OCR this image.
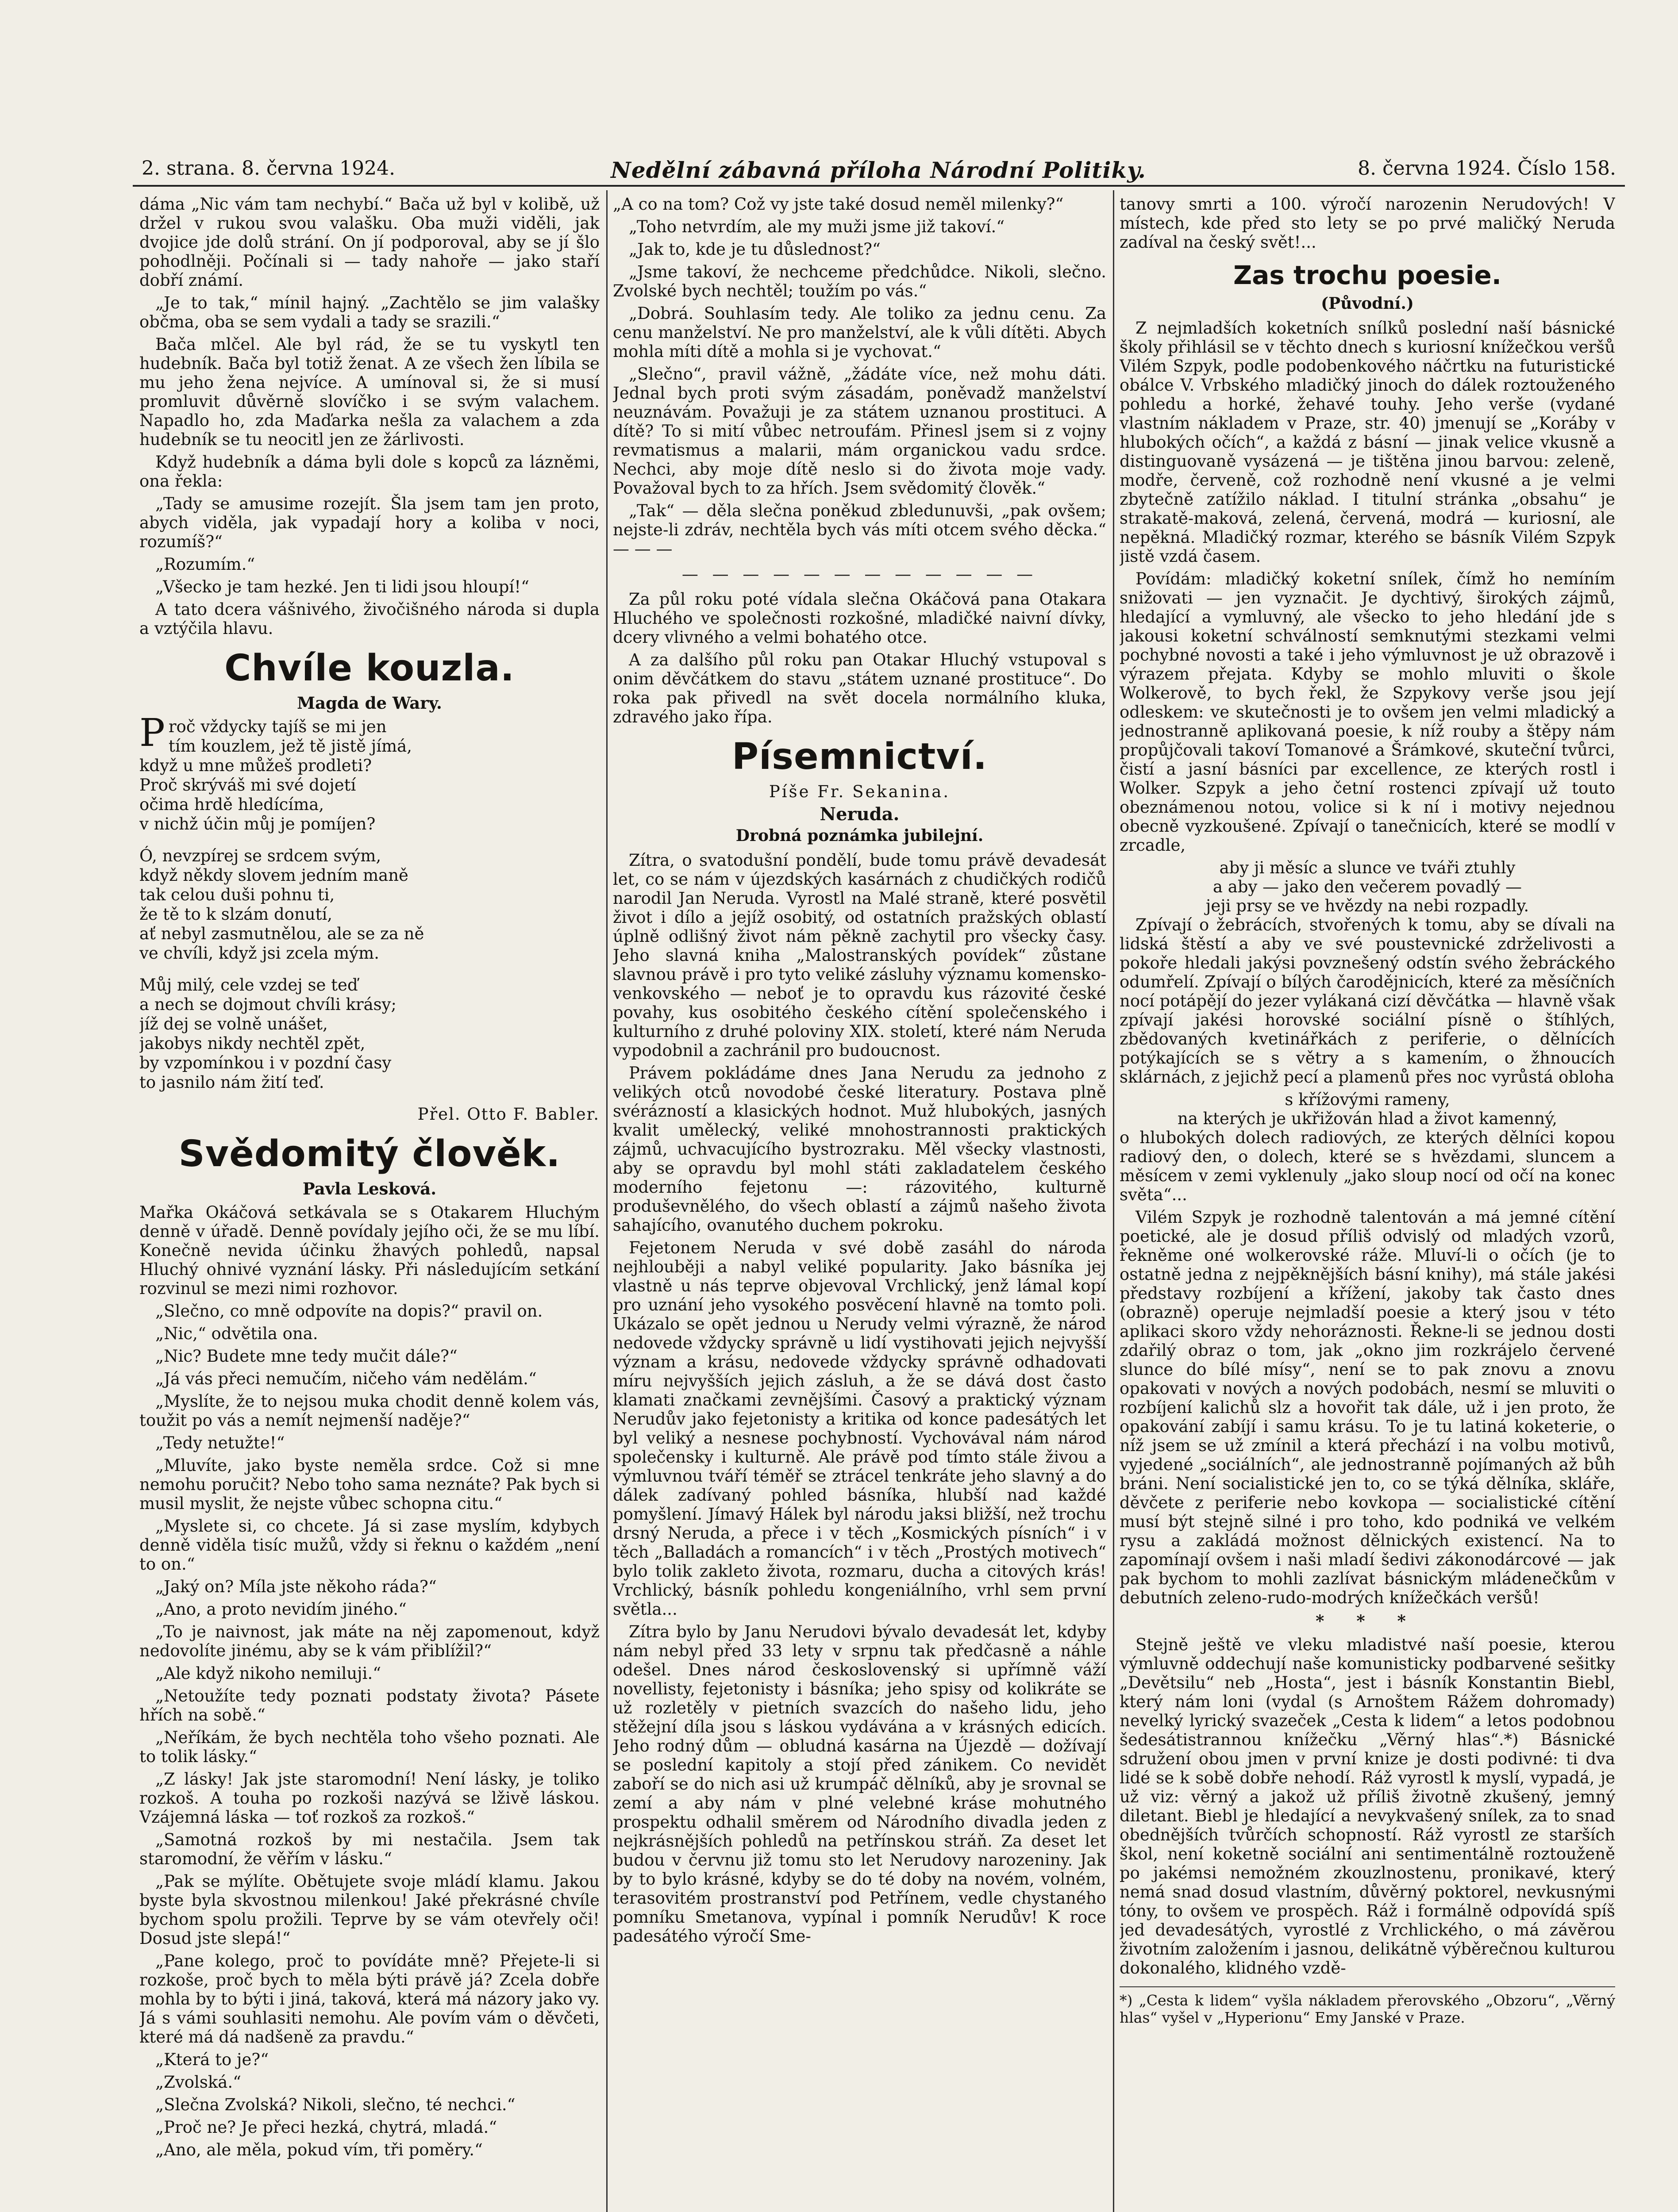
2. strana. 8. června 1924.	Nedělní zábavná příloha Národní Politiky.	8. června 1924. Číslo 158.

dáma „Nic vám tam nechybí.“ Bača už byl v kolibě, už držel v rukou svou valašku. Oba muži viděli, jak dvojice jde dolů strání. On jí podporoval, aby se jí šlo pohodlněji. Počínali si — tady nahoře — jako staří dobří známí.

„Je to tak,“ mínil hajný. „Zachtělo se jim valašky občma, oba se sem vydali a tady se srazili.“

Bača mlčel. Ale byl rád, že se tu vyskytl ten hudebník. Bača byl totiž ženat. A ze všech žen líbila se mu jeho žena nejvíce. A umínoval si, že si musí promluvit důvěrně slovíčko i se svým valachem. Napadlo ho, zda Maďarka nešla za valachem a zda hudebník se tu neocitl jen ze žárlivosti.

Když hudebník a dáma byli dole s kopců za lázněmi, ona řekla:

„Tady se amusime rozejít. Šla jsem tam jen proto, abych viděla, jak vypadají hory a koliba v noci, rozumíš?“

„Rozumím.“

„Všecko je tam hezké. Jen ti lidi jsou hloupí!“

A tato dcera vášnivého, živočišného národa si dupla a vztýčila hlavu.

Chvíle kouzla.
Magda de Wary.

Proč vždycky tajíš se mi jen

tím kouzlem, jež tě jistě jímá,

když u mne můžeš prodleti?

Proč skrýváš mi své dojetí

očima hrdě hledícíma,

v nichž účin můj je pomíjen?

Ó, nevzpírej se srdcem svým,

když někdy slovem jedním maně

tak celou duši pohnu ti,

že tě to k slzám donutí,

ať nebyl zasmutnělou, ale se za ně

ve chvíli, když jsi zcela mým.

Můj milý, cele vzdej se teď

a nech se dojmout chvíli krásy;

jíž dej se volně unášet,

jakobys nikdy nechtěl zpět,

by vzpomínkou i v pozdní časy

to jasnilo nám žití teď.

Přel. Otto F. Babler.
Svědomitý člověk.
Pavla Lesková.

Mařka Okáčová setkávala se s Otakarem Hluchým denně v úřadě. Denně povídaly jejího oči, že se mu líbí. Konečně nevida účinku žhavých pohledů, napsal Hluchý ohnivé vyznání lásky. Při následujícím setkání rozvinul se mezi nimi rozhovor.

„Slečno, co mně odpovíte na dopis?“ pravil on.

„Nic,“ odvětila ona.

„Nic? Budete mne tedy mučit dále?“

„Já vás přeci nemučím, ničeho vám nedělám.“

„Myslíte, že to nejsou muka chodit denně kolem vás, toužit po vás a nemít nejmenší naděje?“

„Tedy netužte!“

„Mluvíte, jako byste neměla srdce. Což si mne nemohu poručit? Nebo toho sama neznáte? Pak bych si musil myslit, že nejste vůbec schopna citu.“

„Myslete si, co chcete. Já si zase myslím, kdybych denně viděla tisíc mužů, vždy si řeknu o každém „není to on.“

„Jaký on? Míla jste někoho ráda?“

„Ano, a proto nevidím jiného.“

„To je naivnost, jak máte na něj zapomenout, když nedovolíte jinému, aby se k vám přiblížil?“

„Ale když nikoho nemiluji.“

„Netoužíte tedy poznati podstaty života? Pásete hřích na sobě.“

„Neříkám, že bych nechtěla toho všeho poznati. Ale to tolik lásky.“

„Z lásky! Jak jste staromodní! Není lásky, je toliko rozkoš. A touha po rozkoši nazývá se lživě láskou. Vzájemná láska — toť rozkoš za rozkoš.“

„Samotná rozkoš by mi nestačila. Jsem tak staromodní, že věřím v lásku.“

„Pak se mýlíte. Obětujete svoje mládí klamu. Jakou byste byla skvostnou milenkou! Jaké překrásné chvíle bychom spolu prožili. Teprve by se vám otevřely oči! Dosud jste slepá!“

„Pane kolego, proč to povídáte mně? Přejete-li si rozkoše, proč bych to měla býti právě já? Zcela dobře mohla by to býti i jiná, taková, která má názory jako vy. Já s vámi souhlasiti nemohu. Ale povím vám o děvčeti, které má dá nadšeně za pravdu.“

„Která to je?“

„Zvolská.“

„Slečna Zvolská? Nikoli, slečno, té nechci.“

„Proč ne? Je přeci hezká, chytrá, mladá.“

„Ano, ale měla, pokud vím, tři poměry.“

„A co na tom? Což vy jste také dosud neměl milenky?“

„Toho netvrdím, ale my muži jsme již takoví.“

„Jak to, kde je tu důslednost?“

„Jsme takoví, že nechceme předchůdce. Nikoli, slečno. Zvolské bych nechtěl; toužím po vás.“

„Dobrá. Souhlasím tedy. Ale toliko za jednu cenu. Za cenu manželství. Ne pro manželství, ale k vůli dítěti. Abych mohla míti dítě a mohla si je vychovat.“

„Slečno“, pravil vážně, „žádáte více, než mohu dáti. Jednal bych proti svým zásadám, poněvadž manželství neuznávám. Považuji je za státem uznanou prostituci. A dítě? To si mití vůbec netroufám. Přinesl jsem si z vojny revmatismus a malarii, mám organickou vadu srdce. Nechci, aby moje dítě neslo si do života moje vady. Považoval bych to za hřích. Jsem svědomitý člověk.“

„Tak“ — děla slečna poněkud zbledunuvši, „pak ovšem; nejste-li zdráv, nechtěla bych vás míti otcem svého děcka.“ — — —

— — — — — — — — — — — —

Za půl roku poté vídala slečna Okáčová pana Otakara Hluchého ve společnosti rozkošné, mladičké naivní dívky, dcery vlivného a velmi bohatého otce.

A za dalšího půl roku pan Otakar Hluchý vstupoval s onim děvčátkem do stavu „státem uznané prostituce“. Do roka pak přivedl na svět docela normálního kluka, zdravého jako řípa.

Písemnictví.
Píše Fr. Sekanina.
Neruda.
Drobná poznámka jubilejní.

Zítra, o svatodušní pondělí, bude tomu právě devadesát let, co se nám v újezdských kasárnách z chudičkých rodičů narodil Jan Neruda. Vyrostl na Malé straně, které posvětil život i dílo a jejíž osobitý, od ostatních pražských oblastí úplně odlišný život nám pěkně zachytil pro všecky časy. Jeho slavná kniha „Malostranských povídek“ zůstane slavnou právě i pro tyto veliké zásluhy významu komensko-venkovského — neboť je to opravdu kus rázovité české povahy, kus osobitého českého cítění společenského i kulturního z druhé poloviny XIX. století, které nám Neruda vypodobnil a zachránil pro budoucnost.

Právem pokládáme dnes Jana Nerudu za jednoho z velikých otců novodobé české literatury. Postava plně svérázností a klasických hodnot. Muž hlubokých, jasných kvalit umělecký, veliké mnohostrannosti praktických zájmů, uchvacujícího bystrozraku. Měl všecky vlastnosti, aby se opravdu byl mohl státi zakladatelem českého moderního fejetonu —: rázovitého, kulturně produševnělého, do všech oblastí a zájmů našeho života sahajícího, ovanutého duchem pokroku.

Fejetonem Neruda v své době zasáhl do národa nejhlouběji a nabyl veliké popularity. Jako básníka jej vlastně u nás teprve objevoval Vrchlický, jenž lámal kopí pro uznání jeho vysokého posvěcení hlavně na tomto poli. Ukázalo se opět jednou u Nerudy velmi výrazně, že národ nedovede vždycky správně u lidí vystihovati jejich nejvyšší význam a krásu, nedovede vždycky správně odhadovati míru nejvyšších jejich zásluh, a že se dává dost často klamati značkami zevnějšími. Časový a praktický význam Nerudův jako fejetonisty a kritika od konce padesátých let byl veliký a nesnese pochybností. Vychovával nám národ společensky i kulturně. Ale právě pod tímto stále živou a výmluvnou tváří téměř se ztrácel tenkráte jeho slavný a do dálek zadívaný pohled básníka, hlubší nad každé pomyšlení. Jímavý Hálek byl národu jaksi bližší, než trochu drsný Neruda, a přece i v těch „Kosmických písních“ i v těch „Balladách a romancích“ i v těch „Prostých motivech“ bylo tolik zakleto života, rozmaru, ducha a citových krás! Vrchlický, básník pohledu kongeniálního, vrhl sem první světla...

Zítra bylo by Janu Nerudovi bývalo devadesát let, kdyby nám nebyl před 33 lety v srpnu tak předčasně a náhle odešel. Dnes národ československý si upřímně váží novellisty, fejetonisty i básníka; jeho spisy od kolikráte se už rozletěly v pietních svazcích do našeho lidu, jeho stěžejní díla jsou s láskou vydávána a v krásných edicích. Jeho rodný dům — obludná kasárna na Újezdě — dožívají se poslední kapitoly a stojí před zánikem. Co nevidět zaboří se do nich asi už krumpáč dělníků, aby je srovnal se zemí a aby nám v plné velebné kráse mohutného prospektu odhalil směrem od Národního divadla jeden z nejkrásnějších pohledů na petřínskou stráň. Za deset let budou v červnu již tomu sto let Nerudovy narozeniny. Jak by to bylo krásné, kdyby se do té doby na novém, volném, terasovitém prostranství pod Petřínem, vedle chystaného pomníku Smetanova, vypínal i pomník Nerudův! K roce padesátého výročí Sme-

tanovy smrti a 100. výročí narozenin Nerudových! V místech, kde před sto lety se po prvé maličký Neruda zadíval na český svět!...

Zas trochu poesie.
(Původní.)

Z nejmladších koketních snílků poslední naší básnické školy přihlásil se v těchto dnech s kuriosní knížečkou veršů Vilém Szpyk, podle podobenkového náčrtku na futuristické obálce V. Vrbského mladičký jinoch do dálek roztouženého pohledu a horké, žehavé touhy. Jeho verše (vydané vlastním nákladem v Praze, str. 40) jmenují se „Koráby v hlubokých očích“, a každá z básní — jinak velice vkusně a distinguovaně vysázená — je tištěna jinou barvou: zeleně, modře, červeně, což rozhodně není vkusné a je velmi zbytečně zatížilo náklad. I titulní stránka „obsahu“ je strakatě-maková, zelená, červená, modrá — kuriosní, ale nepěkná. Mladičký rozmar, kterého se básník Vilém Szpyk jistě vzdá časem.

Povídám: mladičký koketní snílek, čímž ho nemíním snižovati — jen vyznačit. Je dychtivý, širokých zájmů, hledající a vymluvný, ale všecko to jeho hledání jde s jakousi koketní schválností semknutými stezkami velmi pochybné novosti a také i jeho výmluvnost je už obrazově i výrazem přejata. Kdyby se mohlo mluviti o škole Wolkerově, to bych řekl, že Szpykovy verše jsou její odleskem: ve skutečnosti je to ovšem jen velmi mladický a jednostranně aplikovaná poesie, k níž rouby a štěpy nám propůjčovali takoví Tomanové a Šrámkové, skuteční tvůrci, čistí a jasní básníci par excellence, ze kterých rostl i Wolker. Szpyk a jeho četní rostenci zpívají už touto obeznámenou notou, volice si k ní i motivy nejednou obecně vyzkoušené. Zpívají o tanečnicích, které se modlí v zrcadle,

aby ji měsíc a slunce ve tváři ztuhly

a aby — jako den večerem povadlý —

jeji prsy se ve hvězdy na nebi rozpadly.

Zpívají o žebrácích, stvořených k tomu, aby se dívali na lidská štěstí a aby ve své poustevnické zdrželivosti a pokoře hledali jakýsi povznešený odstín svého žebráckého odumřelí. Zpívají o bílých čarodějnicích, které za měsíčních nocí potápějí do jezer vylákaná cizí děvčátka — hlavně však zpívají jakési horovské sociální písně o štíhlých, zbědovaných kvetinářkách z periferie, o dělnících potýkajících se s větry a s kamením, o žhnoucích sklárnách, z jejichž pecí a plamenů přes noc vyrůstá obloha

s křížovými rameny,

na kterých je ukřižován hlad a život kamenný,

o hlubokých dolech radiových, ze kterých dělníci kopou radiový den, o dolech, které se s hvězdami, sluncem a měsícem v zemi vyklenuly „jako sloup nocí od očí na konec světa“...

Vilém Szpyk je rozhodně talentován a má jemné cítění poetické, ale je dosud příliš odvislý od mladých vzorů, řekněme oné wolkerovské ráže. Mluví-li o očích (je to ostatně jedna z nejpěknějších básní knihy), má stále jakési představy rozbíjení a křížení, jakoby tak často dnes (obrazně) operuje nejmladší poesie a který jsou v této aplikaci skoro vždy nehoráznosti. Řekne-li se jednou dosti zdařilý obraz o tom, jak „okno jim rozkrájelo červené slunce do bílé mísy“, není se to pak znovu a znovu opakovati v nových a nových podobách, nesmí se mluviti o rozbíjení kalichů slz a hovořit tak dále, už i jen proto, že opakování zabíjí i samu krásu. To je tu latiná koketerie, o níž jsem se už zmínil a která přechází i na volbu motivů, vyjedené „sociálních“, ale jednostranně pojímaných až bůh bráni. Není socialistické jen to, co se týká dělníka, skláře, děvčete z periferie nebo kovkopa — socialistické cítění musí být stejně silné i pro toho, kdo podniká ve velkém rysu a zakládá možnost dělnických existencí. Na to zapomínají ovšem i naši mladí šedivi zákonodárcové — jak pak bychom to mohli zazlívat básnickým mládenečkům v debutních zeleno-rudo-modrých knížečkách veršů!

* * *

Stejně ještě ve vleku mladistvé naší poesie, kterou výmluvně oddechují naše komunisticky podbarvené sešitky „Devětsilu“ neb „Hosta“, jest i básník Konstantin Biebl, který nám loni (vydal (s Arnoštem Rážem dohromady) nevelký lyrický svazeček „Cesta k lidem“ a letos podobnou šedesátistrannou knížečku „Věrný hlas“.*) Básnické sdružení obou jmen v první knize je dosti podivné: ti dva lidé se k sobě dobře nehodí. Ráž vyrostl k myslí, vypadá, je už viz: věrný a jakož už příliš životně zkušený, jemný diletant. Biebl je hledající a nevykvašený snílek, za to snad obednějších tvůrčích schopností. Ráž vyrostl ze starších škol, není koketně sociální ani sentimentálně roztouženě po jakémsi nemožném zkouzlnostenu, pronikavé, který nemá snad dosud vlastním, důvěrný poktorel, nevkusnými tóny, to ovšem ve prospěch. Ráž i formálně odpovídá spíš jed devadesátých, vyrostlé z Vrchlického, o má závěrou životním založením i jasnou, delikátně výběrečnou kulturou dokonalého, klidného vzdě-

*) „Cesta k lidem“ vyšla nákladem přerovského „Obzoru“, „Věrný hlas“ vyšel v „Hyperionu“ Emy Janské v Praze.
